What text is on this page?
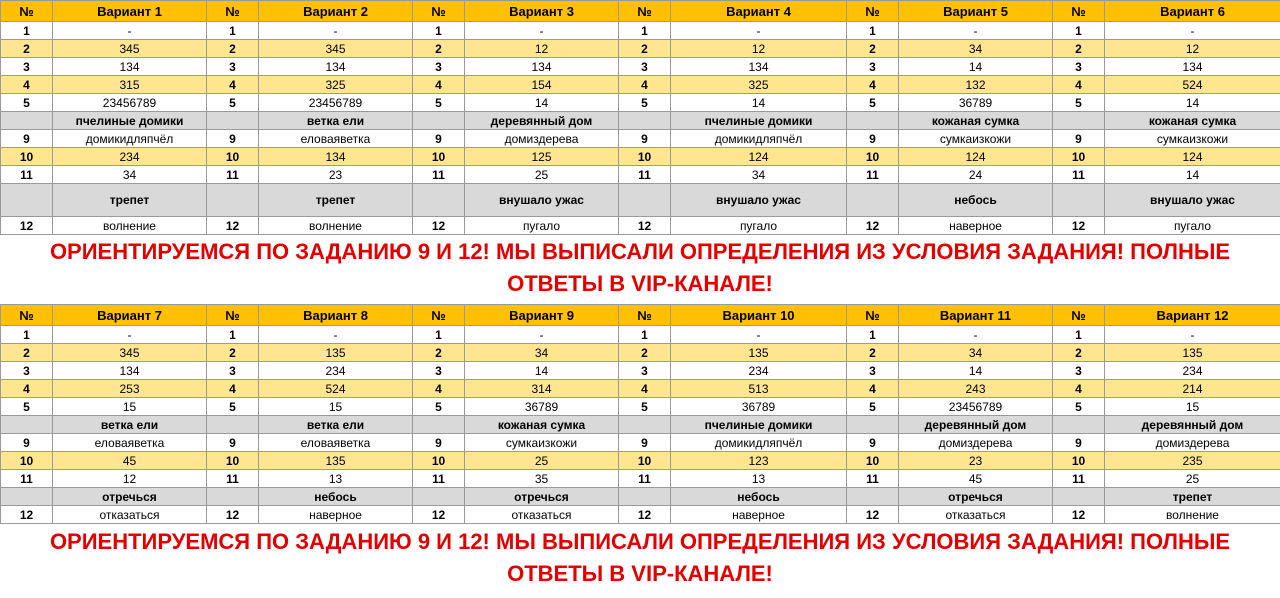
№	Вариант 1	№	Вариант 2	№	Вариант 3	№	Вариант 4	№	Вариант 5	№	Вариант 6
1	-	1	-	1	-	1	-	1	-	1	-
2	345	2	345	2	12	2	12	2	34	2	12
3	134	3	134	3	134	3	134	3	14	3	134
4	315	4	325	4	154	4	325	4	132	4	524
5	23456789	5	23456789	5	14	5	14	5	36789	5	14
	пчелиные домики		ветка ели		деревянный дом		пчелиные домики		кожаная сумка		кожаная сумка
9	домикидляпчёл	9	еловаяветка	9	домиздерева	9	домикидляпчёл	9	сумкаизкожи	9	сумкаизкожи
10	234	10	134	10	125	10	124	10	124	10	124
11	34	11	23	11	25	11	34	11	24	11	14
	трепет		трепет		внушало ужас		внушало ужас		небось		внушало ужас
12	волнение	12	волнение	12	пугало	12	пугало	12	наверное	12	пугало
ОРИЕНТИРУЕМСЯ ПО ЗАДАНИЮ 9 И 12! МЫ ВЫПИСАЛИ ОПРЕДЕЛЕНИЯ ИЗ УСЛОВИЯ ЗАДАНИЯ! ПОЛНЫЕ ОТВЕТЫ В VIP-КАНАЛЕ!
№	Вариант 7	№	Вариант 8	№	Вариант 9	№	Вариант 10	№	Вариант 11	№	Вариант 12
1	-	1	-	1	-	1	-	1	-	1	-
2	345	2	135	2	34	2	135	2	34	2	135
3	134	3	234	3	14	3	234	3	14	3	234
4	253	4	524	4	314	4	513	4	243	4	214
5	15	5	15	5	36789	5	36789	5	23456789	5	15
	ветка ели		ветка ели		кожаная сумка		пчелиные домики		деревянный дом		деревянный дом
9	еловаяветка	9	еловаяветка	9	сумкаизкожи	9	домикидляпчёл	9	домиздерева	9	домиздерева
10	45	10	135	10	25	10	123	10	23	10	235
11	12	11	13	11	35	11	13	11	45	11	25
	отречься		небось		отречься		небось		отречься		трепет
12	отказаться	12	наверное	12	отказаться	12	наверное	12	отказаться	12	волнение
ОРИЕНТИРУЕМСЯ ПО ЗАДАНИЮ 9 И 12! МЫ ВЫПИСАЛИ ОПРЕДЕЛЕНИЯ ИЗ УСЛОВИЯ ЗАДАНИЯ! ПОЛНЫЕ ОТВЕТЫ В VIP-КАНАЛЕ!
